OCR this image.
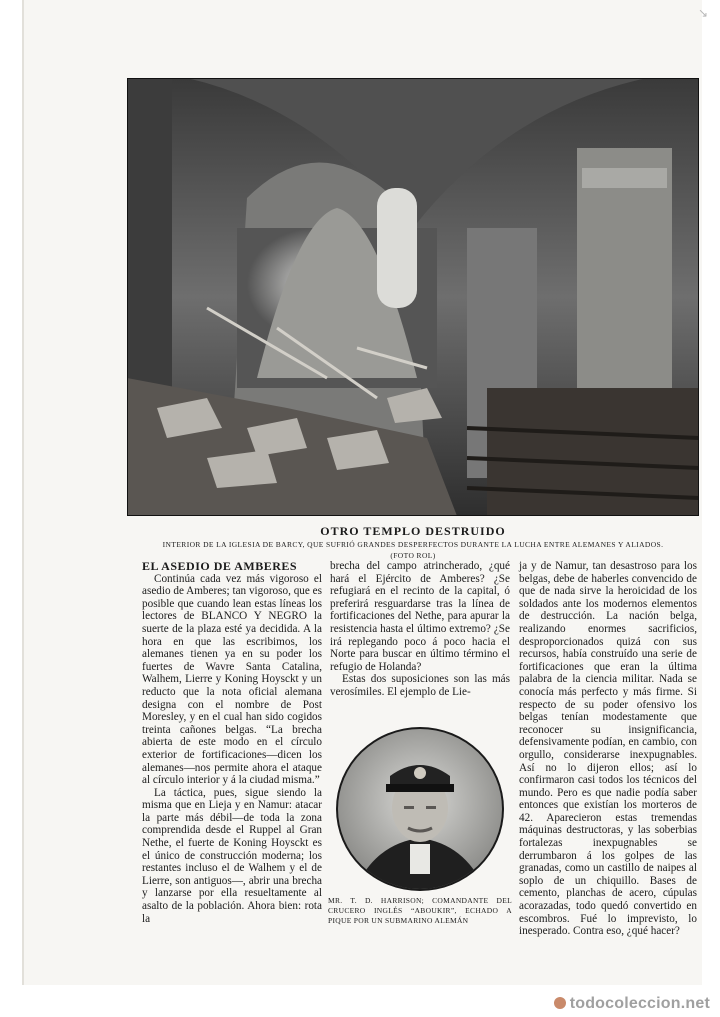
OTRO TEMPLO DESTRUIDO
INTERIOR DE LA IGLESIA DE BARCY, QUE SUFRIÓ GRANDES DESPERFECTOS DURANTE LA LUCHA ENTRE ALEMANES Y ALIADOS.
(FOTO ROL)

EL ASEDIO DE AMBERES

Continúa cada vez más vigoroso el asedio de Amberes; tan vigoroso, que es posible que cuando lean estas líneas los lectores de BLANCO Y NEGRO la suerte de la plaza esté ya decidida. A la hora en que las escribimos, los alemanes tienen ya en su poder los fuertes de Wavre Santa Catalina, Walhem, Lierre y Koning Hoysckt y un reducto que la nota oficial alemana designa con el nombre de Post Moresley, y en el cual han sido cogidos treinta cañones belgas. “La brecha abierta de este modo en el círculo exterior de fortificaciones—dicen los alemanes—nos permite ahora el ataque al círculo interior y á la ciudad misma.”

La táctica, pues, sigue siendo la misma que en Lieja y en Namur: atacar la parte más débil—de toda la zona comprendida desde el Ruppel al Gran Nethe, el fuerte de Koning Hoysckt es el único de construcción moderna; los restantes incluso el de Walhem y el de Lierre, son antiguos—, abrir una brecha y lanzarse por ella resueltamente al asalto de la población. Ahora bien: rota la

brecha del campo atrincherado, ¿qué hará el Ejército de Amberes? ¿Se refugiará en el recinto de la capital, ó preferirá resguardarse tras la línea de fortificaciones del Nethe, para apurar la resistencia hasta el último extremo? ¿Se irá replegando poco á poco hacia el Norte para buscar en último término el refugio de Holanda?

Estas dos suposiciones son las más verosímiles. El ejemplo de Lie-

MR. T. D. HARRISON; COMANDANTE DEL CRUCERO INGLÉS “ABOUKIR”, ECHADO A PIQUE POR UN SUBMARINO ALEMÁN

ja y de Namur, tan desastroso para los belgas, debe de haberles convencido de que de nada sirve la heroicidad de los soldados ante los modernos elementos de destrucción. La nación belga, realizando enormes sacrificios, desproporcionados quizá con sus recursos, había construído una serie de fortificaciones que eran la última palabra de la ciencia militar. Nada se conocía más perfecto y más firme. Si respecto de su poder ofensivo los belgas tenían modestamente que reconocer su insignificancia, defensivamente podían, en cambio, con orgullo, considerarse inexpugnables. Así no lo dijeron ellos; así lo confirmaron casi todos los técnicos del mundo. Pero es que nadie podía saber entonces que existían los morteros de 42. Aparecieron estas tremendas máquinas destructoras, y las soberbias fortalezas inexpugnables se derrumbaron á los golpes de las granadas, como un castillo de naipes al soplo de un chiquillo. Bases de cemento, planchas de acero, cúpulas acorazadas, todo quedó convertido en escombros. Fué lo imprevisto, lo inesperado. Contra eso, ¿qué hacer?

↘
todocoleccion.net
